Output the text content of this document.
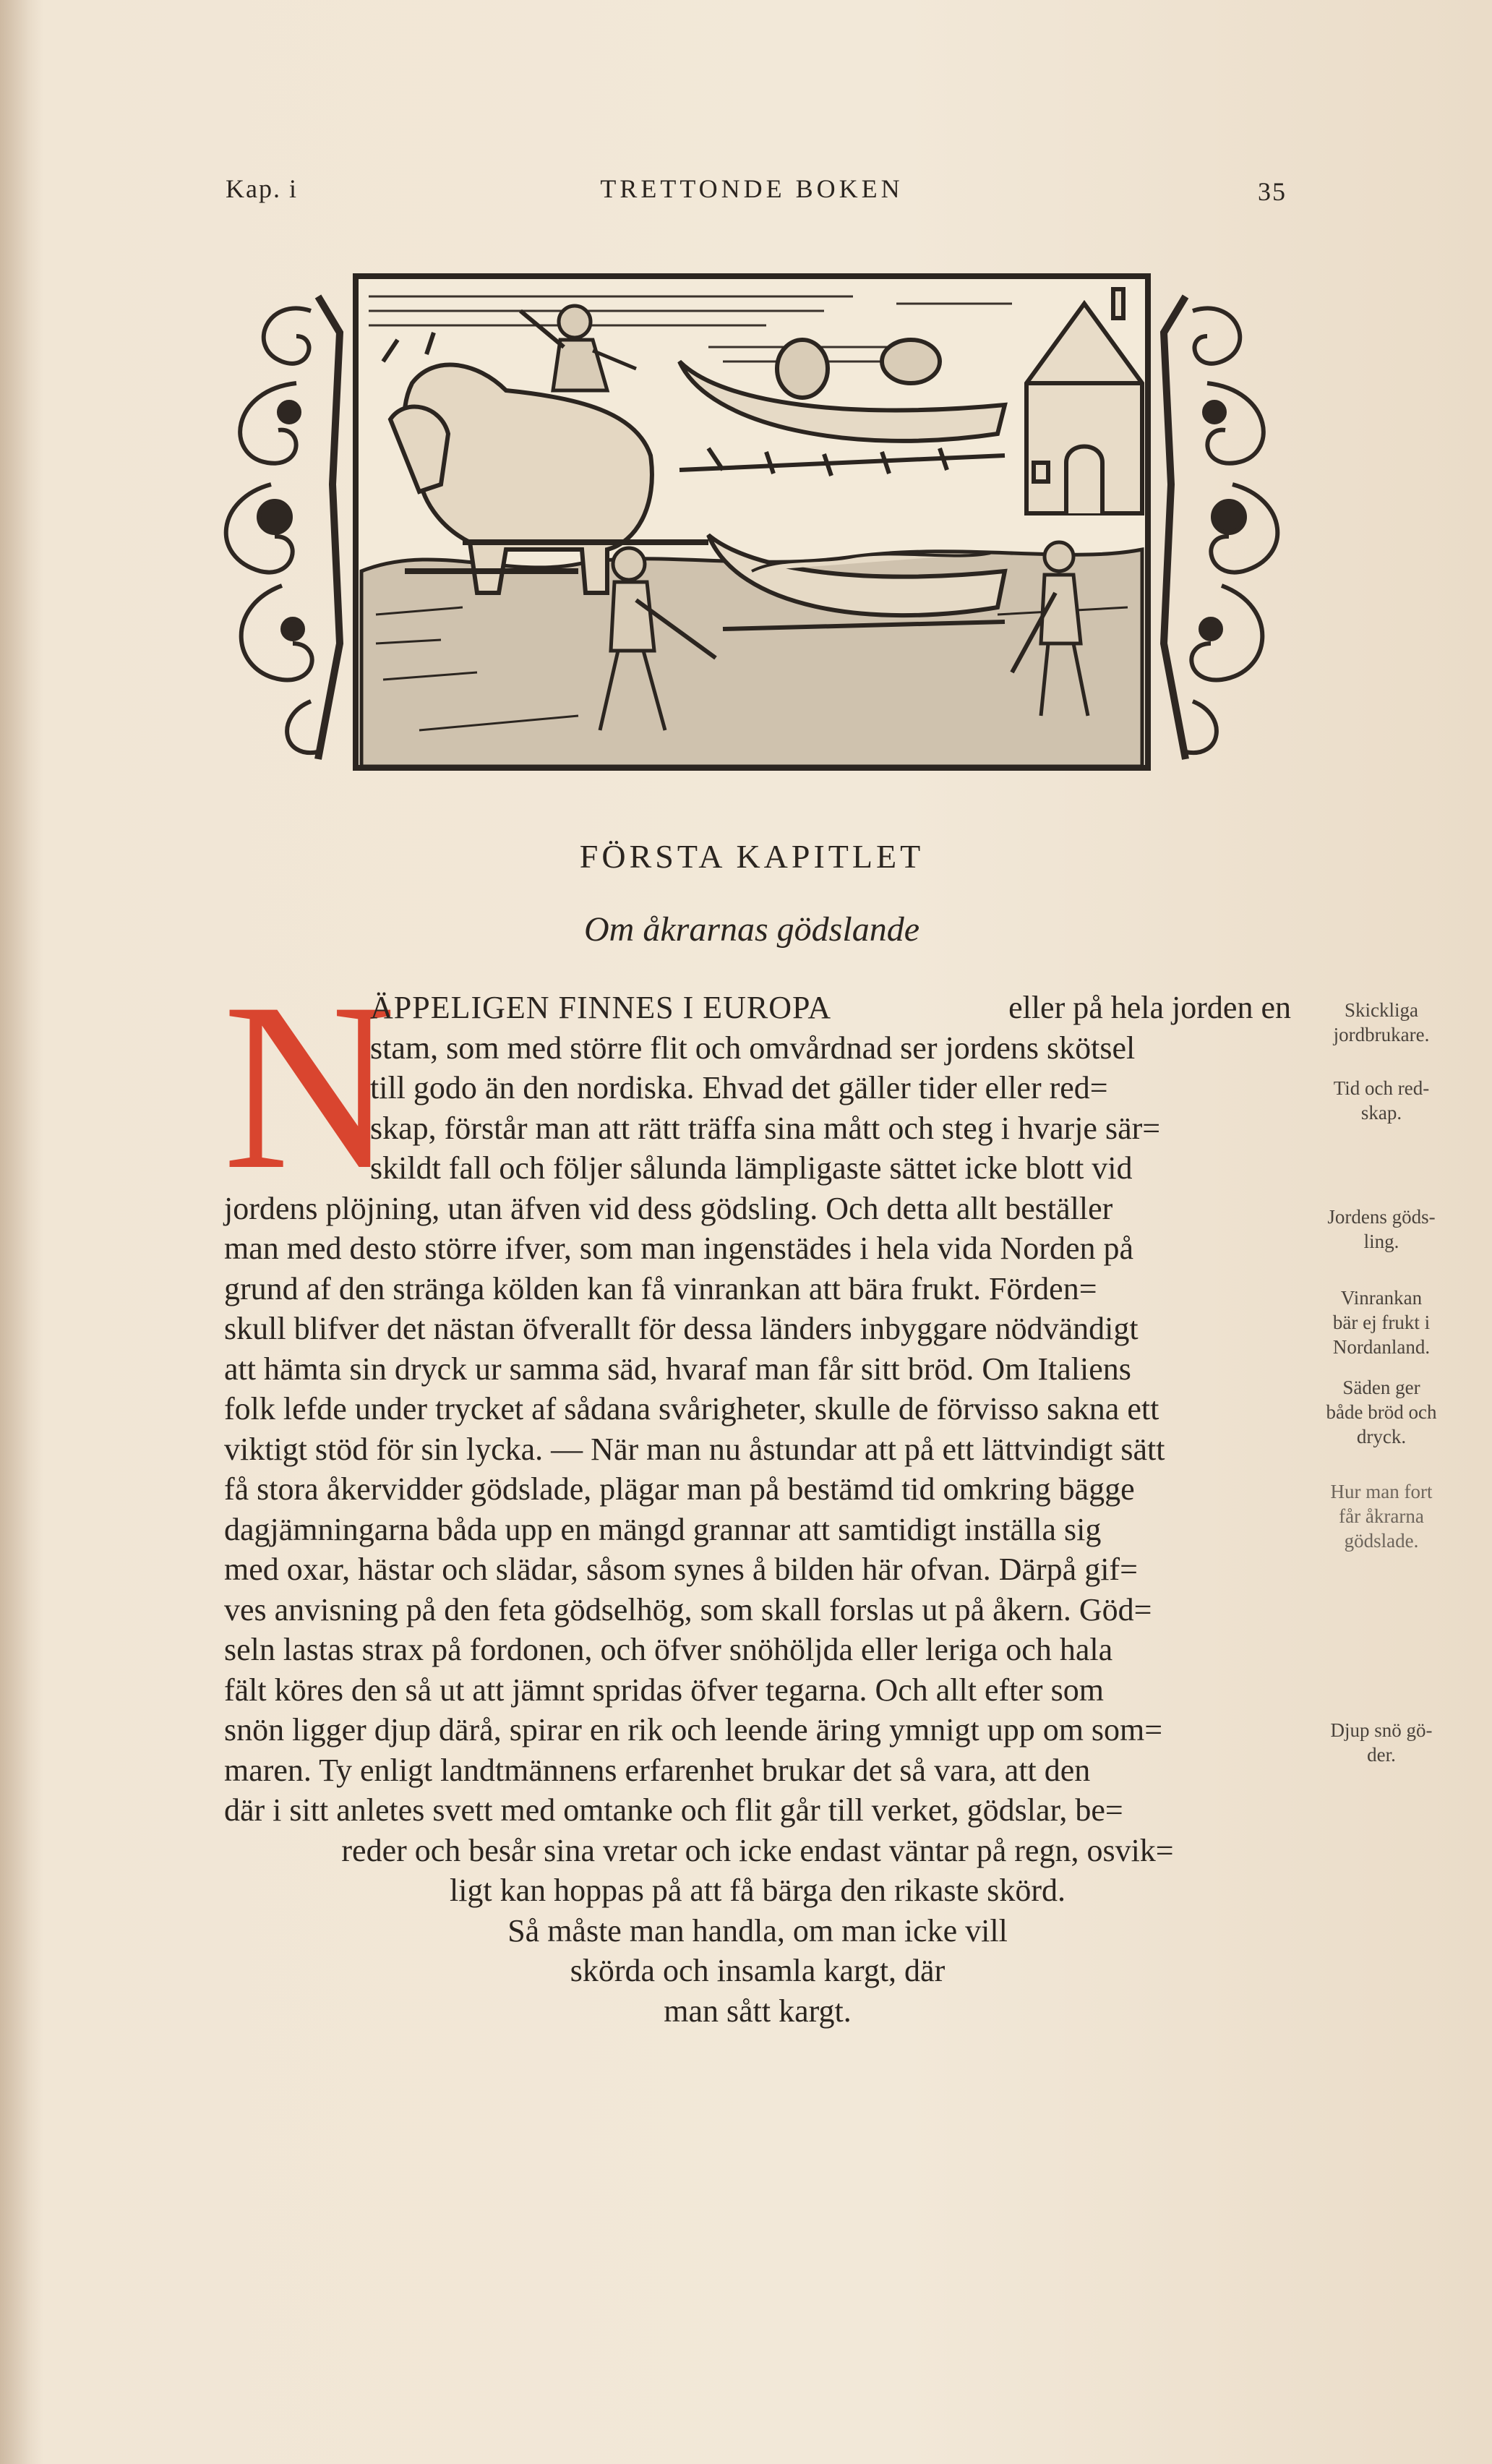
Kap. i	TRETTONDE BOKEN	35
FÖRSTA KAPITLET
Om åkrarnas gödslande
N
ÄPPELIGEN FINNES I EUROPA	eller på hela jorden en
stam, som med större flit och omvårdnad ser jordens skötsel
till godo än den nordiska. Ehvad det gäller tider eller red=
skap, förstår man att rätt träffa sina mått och steg i hvarje sär=
skildt fall och följer sålunda lämpligaste sättet icke blott vid
jordens plöjning, utan äfven vid dess gödsling. Och detta allt beställer
man med desto större ifver, som man ingenstädes i hela vida Norden på
grund af den stränga kölden kan få vinrankan att bära frukt. Förden=
skull blifver det nästan öfverallt för dessa länders inbyggare nödvändigt
att hämta sin dryck ur samma säd, hvaraf man får sitt bröd. Om Italiens
folk lefde under trycket af sådana svårigheter, skulle de förvisso sakna ett
viktigt stöd för sin lycka. — När man nu åstundar att på ett lättvindigt sätt
få stora åkervidder gödslade, plägar man på bestämd tid omkring bägge
dagjämningarna båda upp en mängd grannar att samtidigt inställa sig
med oxar, hästar och slädar, såsom synes å bilden här ofvan. Därpå gif=
ves anvisning på den feta gödselhög, som skall forslas ut på åkern. Göd=
seln lastas strax på fordonen, och öfver snöhöljda eller leriga och hala
fält köres den så ut att jämnt spridas öfver tegarna. Och allt efter som
snön ligger djup därå, spirar en rik och leende äring ymnigt upp om som=
maren. Ty enligt landtmännens erfarenhet brukar det så vara, att den
där i sitt anletes svett med omtanke och flit går till verket, gödslar, be=
reder och besår sina vretar och icke endast väntar på regn, osvik=
ligt kan hoppas på att få bärga den rikaste skörd.
Så måste man handla, om man icke vill
skörda och insamla kargt, där
man sått kargt.
Skickliga
jordbrukare.
Tid och red-
skap.
Jordens göds-
ling.
Vinrankan
bär ej frukt i
Nordanland.
Säden ger
både bröd och
dryck.
Hur man fort
får åkrarna
gödslade.
Djup snö gö-
der.
